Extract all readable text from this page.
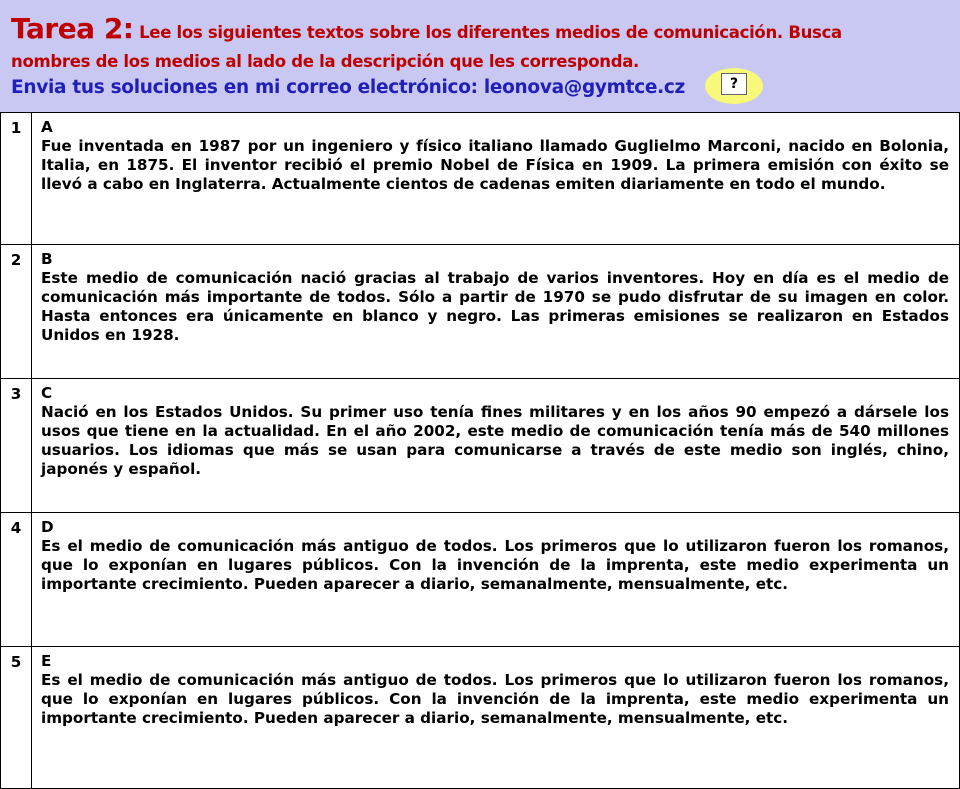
Tarea 2: Lee los siguientes textos sobre los diferentes medios de comunicación. Busca
nombres de los medios al lado de la descripción que les corresponda.
Envia tus soluciones en mi correo electrónico: leonova@gymtce.cz	?
1	A
Fue inventada en 1987 por un ingeniero y físico italiano llamado Guglielmo Marconi, nacido en Bolonia, Italia, en 1875. El inventor recibió el premio Nobel de Física en 1909. La primera emisión con éxito se llevó a cabo en Inglaterra. Actualmente cientos de cadenas emiten diariamente en todo el mundo.
2	B
Este medio de comunicación nació gracias al trabajo de varios inventores. Hoy en día es el medio de comunicación más importante de todos. Sólo a partir de 1970 se pudo disfrutar de su imagen en color. Hasta entonces era únicamente en blanco y negro. Las primeras emisiones se realizaron en Estados Unidos en 1928.
3	C
Nació en los Estados Unidos. Su primer uso tenía fines militares y en los años 90 empezó a dársele los usos que tiene en la actualidad. En el año 2002, este medio de comunicación tenía más de 540 millones usuarios. Los idiomas que más se usan para comunicarse a través de este medio son inglés, chino, japonés y español.
4	D
Es el medio de comunicación más antiguo de todos. Los primeros que lo utilizaron fueron los romanos, que lo exponían en lugares públicos. Con la invención de la imprenta, este medio experimenta un importante crecimiento. Pueden aparecer a diario, semanalmente, mensualmente, etc.
5	E
Es el medio de comunicación más antiguo de todos. Los primeros que lo utilizaron fueron los romanos, que lo exponían en lugares públicos. Con la invención de la imprenta, este medio experimenta un importante crecimiento. Pueden aparecer a diario, semanalmente, mensualmente, etc.
